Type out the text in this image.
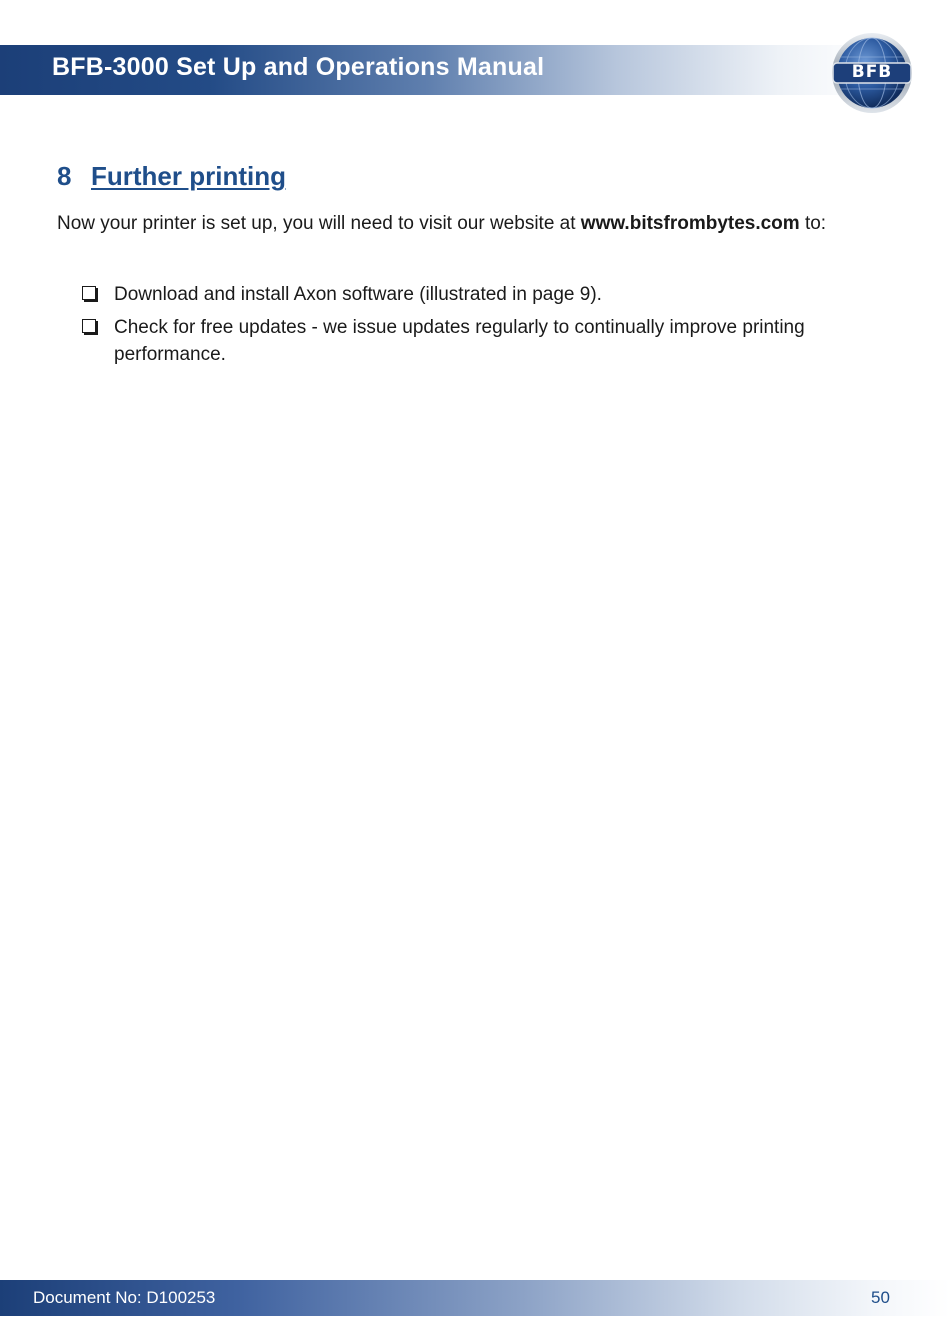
BFB-3000 Set Up and Operations Manual	BFB
8 Further printing
Now your printer is set up, you will need to visit our website at www.bitsfrombytes.com to:
Download and install Axon software (illustrated in page 9).
Check for free updates - we issue updates regularly to continually improve printing performance.
Document No: D100253	50
